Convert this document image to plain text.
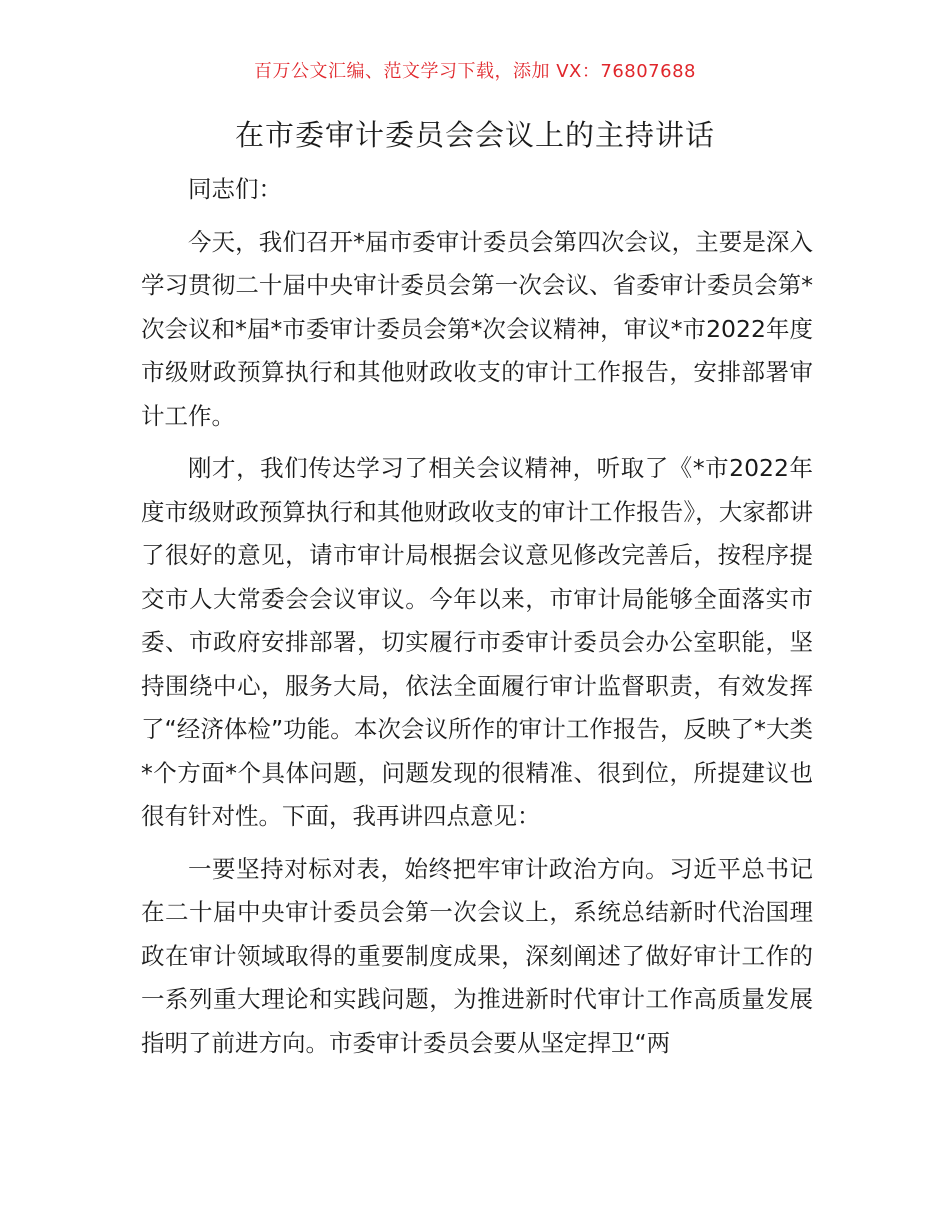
百万公文汇编、范文学习下载，添加 VX：76807688
在市委审计委员会会议上的主持讲话

同志们：

今天，我们召开*届市委审计委员会第四次会议，主要是深入学习贯彻二十届中央审计委员会第一次会议、省委审计委员会第*次会议和*届*市委审计委员会第*次会议精神，审议*市2022年度市级财政预算执行和其他财政收支的审计工作报告，安排部署审计工作。

刚才，我们传达学习了相关会议精神，听取了《*市2022年度市级财政预算执行和其他财政收支的审计工作报告》，大家都讲了很好的意见，请市审计局根据会议意见修改完善后，按程序提交市人大常委会会议审议。今年以来，市审计局能够全面落实市委、市政府安排部署，切实履行市委审计委员会办公室职能，坚持围绕中心，服务大局，依法全面履行审计监督职责，有效发挥了“经济体检”功能。本次会议所作的审计工作报告，反映了*大类*个方面*个具体问题，问题发现的很精准、很到位，所提建议也很有针对性。下面，我再讲四点意见：

一要坚持对标对表，始终把牢审计政治方向。习近平总书记在二十届中央审计委员会第一次会议上，系统总结新时代治国理政在审计领域取得的重要制度成果，深刻阐述了做好审计工作的一系列重大理论和实践问题，为推进新时代审计工作高质量发展指明了前进方向。市委审计委员会要从坚定捍卫“两
